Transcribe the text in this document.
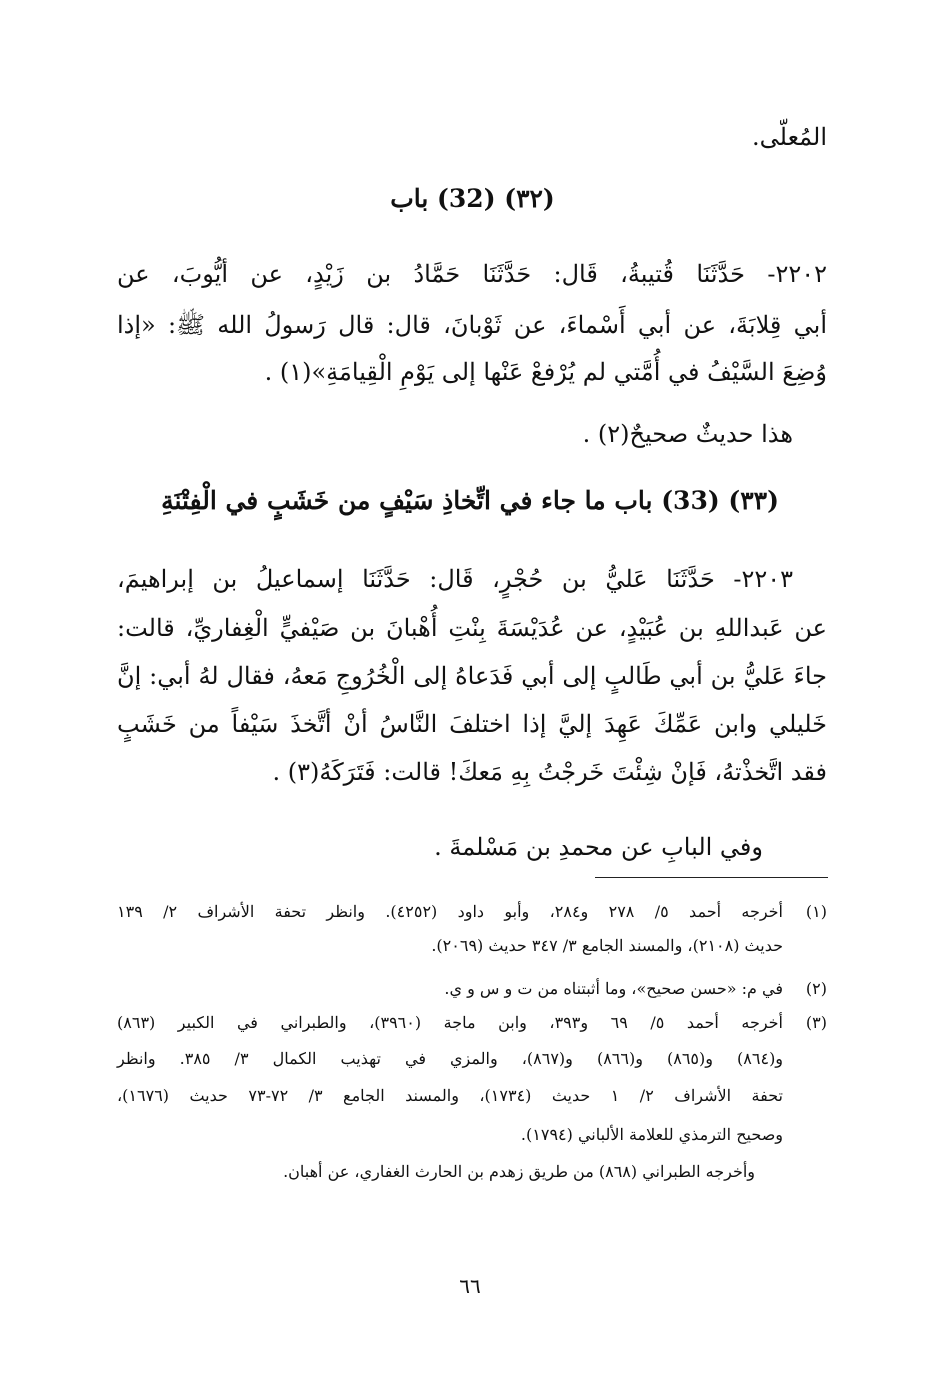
المُعلّى.
(٣٢) (32) باب
٢٢٠٢- حَدَّثَنَا قُتيبةُ، قَال: حَدَّثَنَا حَمَّادُ بن زَيْدٍ، عن أيُّوبَ، عن
أبي قِلابَةَ، عن أبي أَسْماءَ، عن ثَوْبانَ، قال: قال رَسولُ الله ﷺ: «إذا
وُضِعَ السَّيْفُ في أُمَّتي لم يُرْفعْ عَنْها إلى يَوْمِ الْقِيامَةِ»(١) .
هذا حديثٌ صحيحٌ(٢) .
(٣٣) (33) باب ما جاء في اتِّخاذِ سَيْفٍ من خَشَبٍ في الْفِتْنَةِ
٢٢٠٣- حَدَّثَنَا عَليُّ بن حُجْرٍ، قَال: حَدَّثَنَا إسماعيلُ بن إبراهيمَ،
عن عَبداللهِ بن عُبَيْدٍ، عن عُدَيْسَةَ بِنْتِ أُهْبانَ بن صَيْفيٍّ الْغِفاريِّ، قالت:
جاءَ عَليُّ بن أبي طَالبٍ إلى أبي فَدَعاهُ إلى الْخُرُوجِ مَعهُ، فقال لهُ أبي: إنَّ
خَليلي وابن عَمِّكَ عَهِدَ إليَّ إذا اختلفَ النَّاسُ أنْ أتَّخذَ سَيْفاً من خَشَبٍ
فقد اتَّخذْتهُ، فَإنْ شِئْتَ خَرجْتُ بِهِ مَعكَ! قالت: فَتَرَكَهُ(٣) .
وفي البابِ عن محمدِ بن مَسْلمةَ .
(١)
أخرجه أحمد ٥/ ٢٧٨ و٢٨٤، وأبو داود (٤٢٥٢). وانظر تحفة الأشراف ٢/ ١٣٩
حديث (٢١٠٨)، والمسند الجامع ٣/ ٣٤٧ حديث (٢٠٦٩).
(٢)
في م: «حسن صحيح»، وما أثبتناه من ت و س و ي.
(٣)
أخرجه أحمد ٥/ ٦٩ و٣٩٣، وابن ماجة (٣٩٦٠)، والطبراني في الكبير (٨٦٣)
و(٨٦٤) و(٨٦٥) و(٨٦٦) و(٨٦٧)، والمزي في تهذيب الكمال ٣/ ٣٨٥. وانظر
تحفة الأشراف ٢/ ١ حديث (١٧٣٤)، والمسند الجامع ٣/ ٧٢-٧٣ حديث (١٦٧٦)،
وصحيح الترمذي للعلامة الألباني (١٧٩٤).
وأخرجه الطبراني (٨٦٨) من طريق زهدم بن الحارث الغفاري، عن أهبان.
٦٦
